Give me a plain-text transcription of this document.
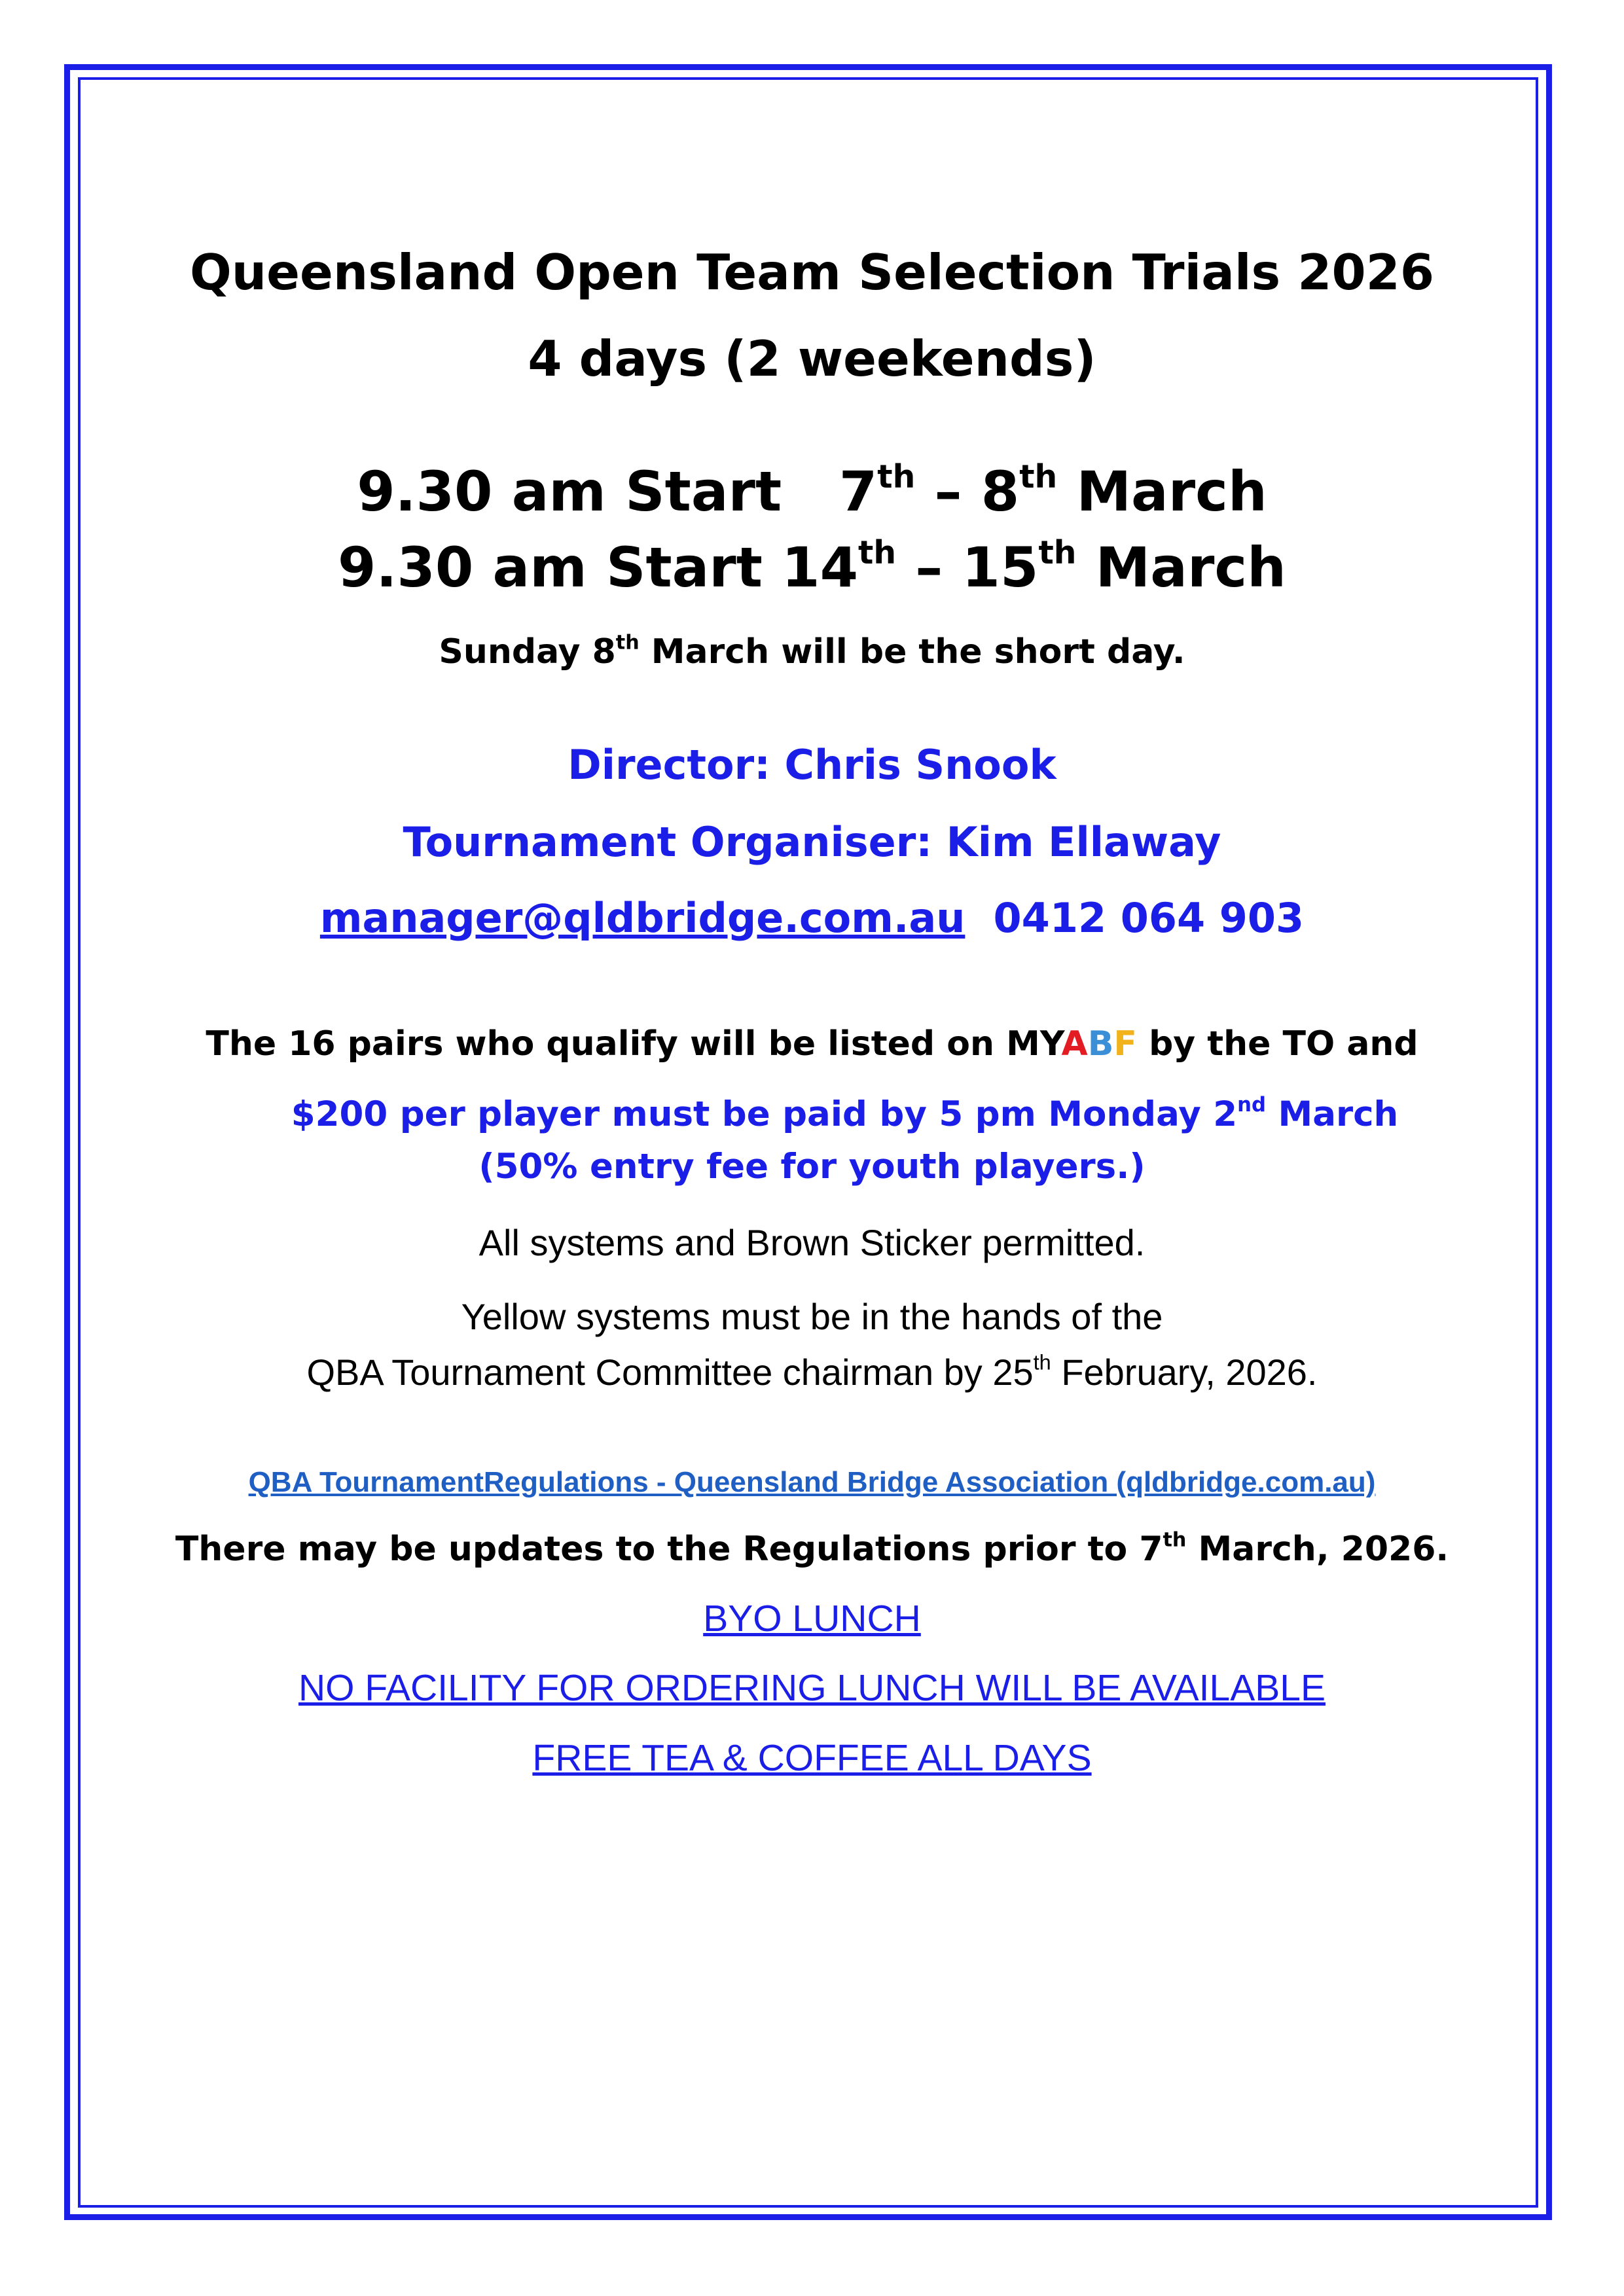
Queensland Open Team Selection Trials 2026
4 days (2 weekends)
9.30 am Start 7th – 8th March
9.30 am Start 14th – 15th March
Sunday 8th March will be the short day.
Director: Chris Snook
Tournament Organiser: Kim Ellaway
manager@qldbridge.com.au 0412 064 903
The 16 pairs who qualify will be listed on MYABF by the TO and
$200 per player must be paid by 5 pm Monday 2nd March
(50% entry fee for youth players.)
All systems and Brown Sticker permitted.
Yellow systems must be in the hands of the
QBA Tournament Committee chairman by 25th February, 2026.
QBA TournamentRegulations - Queensland Bridge Association (qldbridge.com.au)
There may be updates to the Regulations prior to 7th March, 2026.
BYO LUNCH
NO FACILITY FOR ORDERING LUNCH WILL BE AVAILABLE
FREE TEA & COFFEE ALL DAYS
